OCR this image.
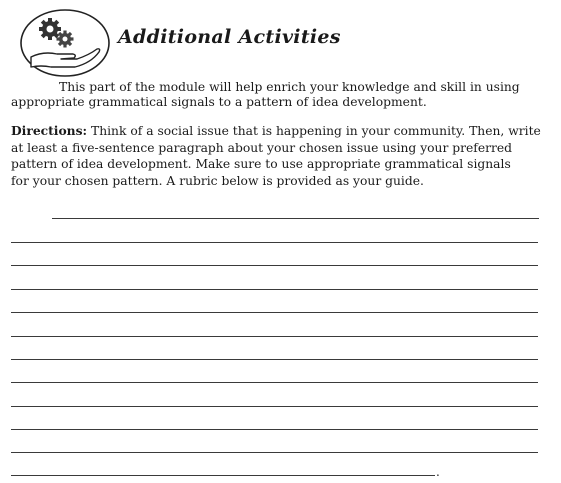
Additional Activities
This part of the module will help enrich your knowledge and skill in using
appropriate grammatical signals to a pattern of idea development.
Directions: Think of a social issue that is happening in your community. Then, write
at least a five-sentence paragraph about your chosen issue using your preferred
pattern of idea development. Make sure to use appropriate grammatical signals
for your chosen pattern. A rubric below is provided as your guide.
.
